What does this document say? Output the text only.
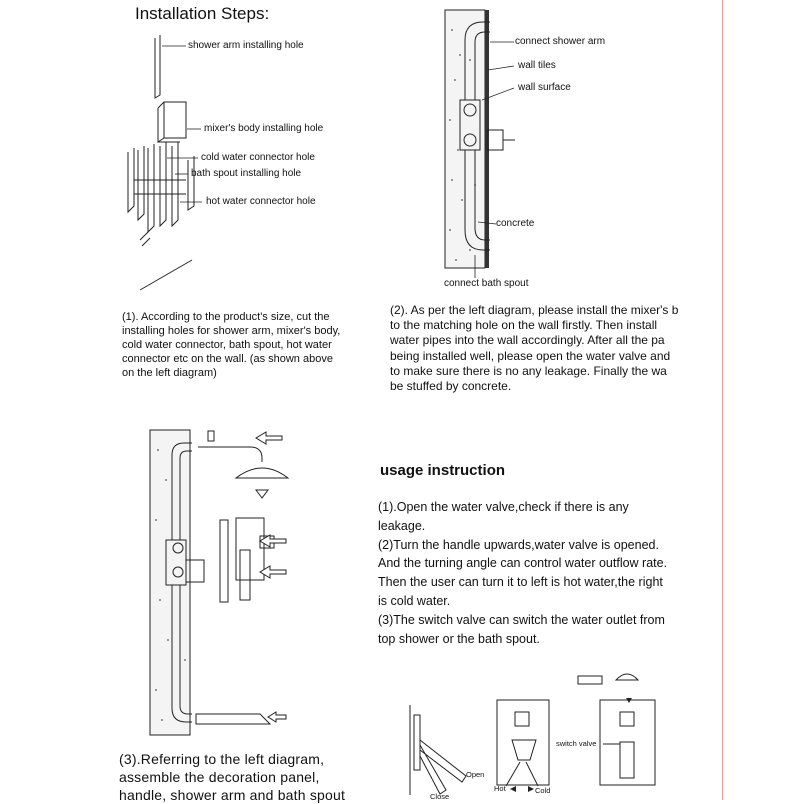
Installation Steps:
shower arm installing hole
mixer's body installing hole
cold water connector hole
bath spout installing hole
hot water connector hole
connect shower arm
wall tiles
wall surface
concrete
connect bath spout
(1). According to the product's size, cut the
installing holes for shower arm, mixer's body,
cold water connector, bath spout, hot water
connector etc on the wall. (as shown above
on the left diagram)
(2). As per the left diagram, please install the mixer's b
to the matching hole on the wall firstly. Then install
water pipes into the wall accordingly. After all the pa
being installed well, please open the water valve and
to make sure there is no any leakage. Finally the wa
be stuffed by concrete.
usage instruction
(1).Open the water valve,check if there is any
leakage.
(2)Turn the handle upwards,water valve is opened.
And the turning angle can control water outflow rate.
Then the user can turn it to left is hot water,the right
is cold water.
(3)The switch valve can switch the water outlet from
top shower or the bath spout.
(3).Referring to the left diagram,
assemble the decoration panel,
handle, shower arm and bath spout
switch valve
Open
Close
Hot	Cold
